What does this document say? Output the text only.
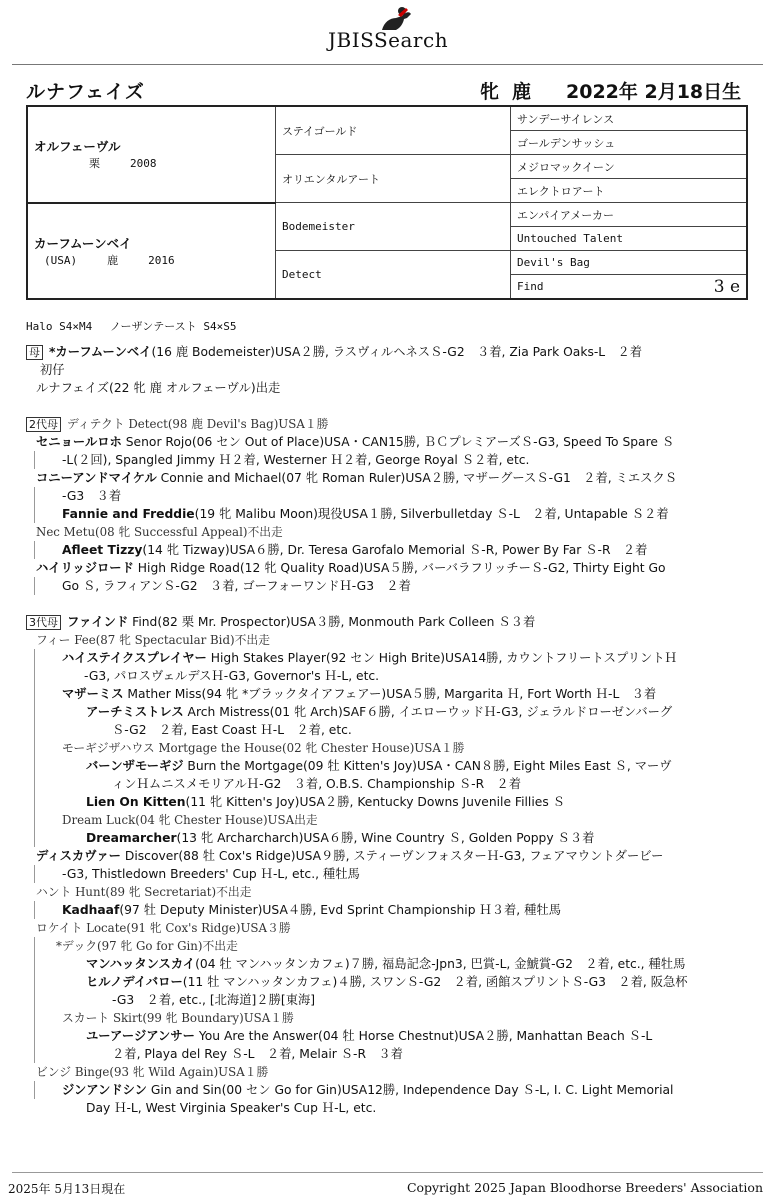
JBISSearch
ルナフェイズ	牝 鹿 2022年 2月18日生
オルフェーヴル
栗 2008	ステイゴールド	サンデーサイレンス
		ゴールデンサッシュ
	オリエンタルアート	メジロマックイーン
		エレクトロアート

カーフムーンベイ
(USA) 鹿 2016	Bodemeister	エンパイアメーカー
		Untouched Talent
	Detect	Devil's Bag
		Find 3 e
Halo S4×M4　 ノーザンテースト S4×S5
母 *カーフムーンベイ(16 鹿 Bodemeister)USA２勝, ラスヴィルヘネスＳ-G2　３着, Zia Park Oaks-L　２着
初仔
ルナフェイズ(22 牝 鹿 オルフェーヴル)出走
2代母 ディテクト Detect(98 鹿 Devil's Bag)USA１勝
セニョールロホ Senor Rojo(06 セン Out of Place)USA・CAN15勝, ＢＣプレミアーズＳ-G3, Speed To Spare Ｓ
-L(２回), Spangled Jimmy Ｈ２着, Westerner Ｈ２着, George Royal Ｓ２着, etc.
コニーアンドマイケル Connie and Michael(07 牝 Roman Ruler)USA２勝, マザーグースＳ-G1　２着, ミエスクＳ
-G3　３着
Fannie and Freddie(19 牝 Malibu Moon)現役USA１勝, Silverbulletday Ｓ-L　２着, Untapable Ｓ２着
Nec Metu(08 牝 Successful Appeal)不出走
Afleet Tizzy(14 牝 Tizway)USA６勝, Dr. Teresa Garofalo Memorial Ｓ-R, Power By Far Ｓ-R　２着
ハイリッジロード High Ridge Road(12 牝 Quality Road)USA５勝, バーバラフリッチーＳ-G2, Thirty Eight Go
Go Ｓ, ラフィアンＳ-G2　３着, ゴーフォーワンドＨ-G3　２着
3代母 ファインド Find(82 栗 Mr. Prospector)USA３勝, Monmouth Park Colleen Ｓ３着
フィー Fee(87 牝 Spectacular Bid)不出走
ハイステイクスプレイヤー High Stakes Player(92 セン High Brite)USA14勝, カウントフリートスプリントＨ
-G3, パロスヴェルデスＨ-G3, Governor's Ｈ-L, etc.
マザーミス Mather Miss(94 牝 *ブラックタイアフェアー)USA５勝, Margarita Ｈ, Fort Worth Ｈ-L　３着
アーチミストレス Arch Mistress(01 牝 Arch)SAF６勝, イエローウッドＨ-G3, ジェラルドローゼンバーグ
Ｓ-G2　２着, East Coast Ｈ-L　２着, etc.
モーギジザハウス Mortgage the House(02 牝 Chester House)USA１勝
バーンザモーギジ Burn the Mortgage(09 牡 Kitten's Joy)USA・CAN８勝, Eight Miles East Ｓ, マーヴ
ィンＨムニスメモリアルＨ-G2　３着, O.B.S. Championship Ｓ-R　２着
Lien On Kitten(11 牝 Kitten's Joy)USA２勝, Kentucky Downs Juvenile Fillies Ｓ
Dream Luck(04 牝 Chester House)USA出走
Dreamarcher(13 牝 Archarcharch)USA６勝, Wine Country Ｓ, Golden Poppy Ｓ３着
ディスカヴァー Discover(88 牡 Cox's Ridge)USA９勝, スティーヴンフォスターＨ-G3, フェアマウントダービー
-G3, Thistledown Breeders' Cup Ｈ-L, etc., 種牡馬
ハント Hunt(89 牝 Secretariat)不出走
Kadhaaf(97 牡 Deputy Minister)USA４勝, Evd Sprint Championship Ｈ３着, 種牡馬
ロケイト Locate(91 牝 Cox's Ridge)USA３勝
*デック(97 牝 Go for Gin)不出走
マンハッタンスカイ(04 牡 マンハッタンカフェ)７勝, 福島記念-Jpn3, 巴賞-L, 金鯱賞-G2　２着, etc., 種牡馬
ヒルノデイバロー(11 牡 マンハッタンカフェ)４勝, スワンＳ-G2　２着, 函館スプリントＳ-G3　２着, 阪急杯
-G3　２着, etc., [北海道]２勝[東海]
スカート Skirt(99 牝 Boundary)USA１勝
ユーアージアンサー You Are the Answer(04 牡 Horse Chestnut)USA２勝, Manhattan Beach Ｓ-L
２着, Playa del Rey Ｓ-L　２着, Melair Ｓ-R　３着
ビンジ Binge(93 牝 Wild Again)USA１勝
ジンアンドシン Gin and Sin(00 セン Go for Gin)USA12勝, Independence Day Ｓ-L, I. C. Light Memorial
Day Ｈ-L, West Virginia Speaker's Cup Ｈ-L, etc.
2025年 5月13日現在	Copyright 2025 Japan Bloodhorse Breeders' Association
